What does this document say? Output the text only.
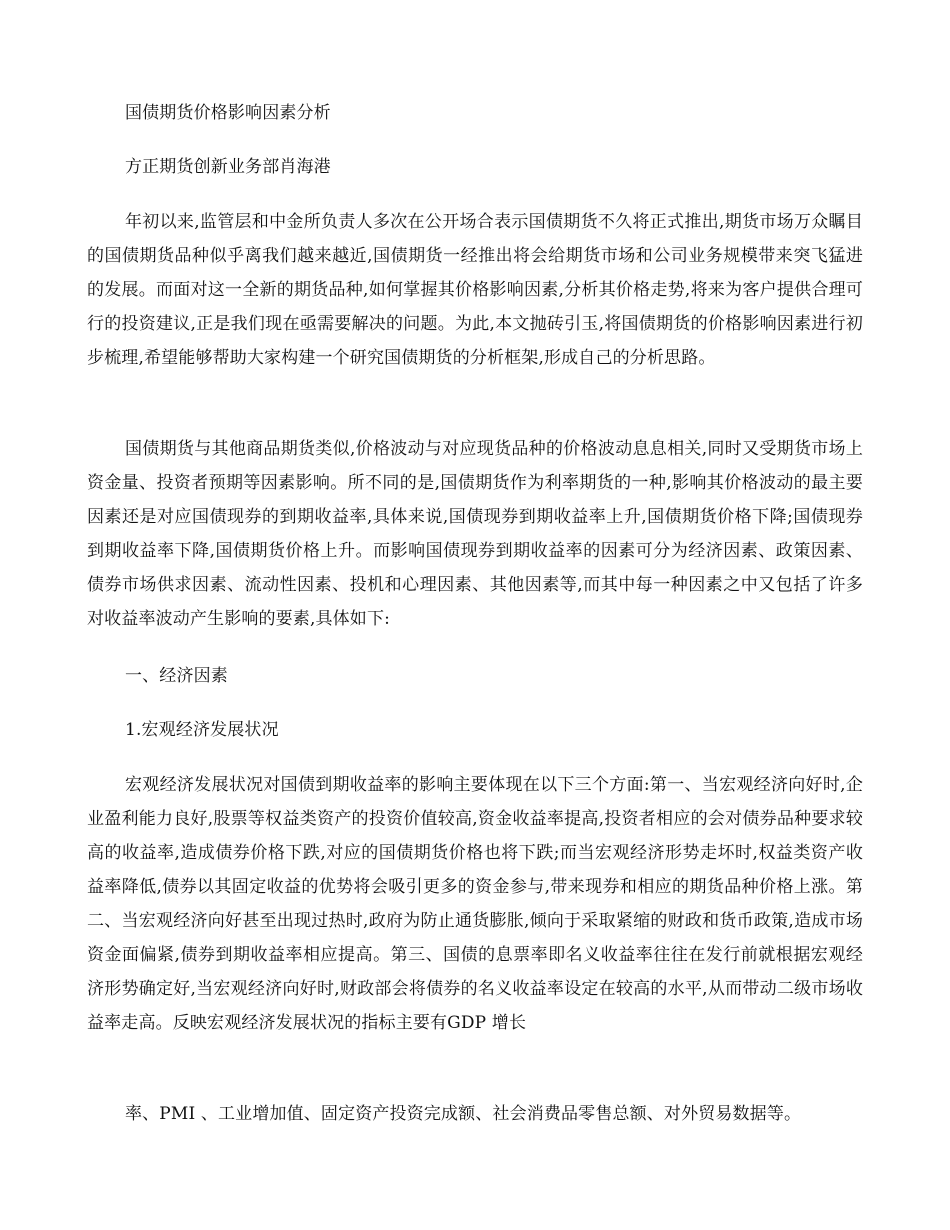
国债期货价格影响因素分析
方正期货创新业务部肖海港
年初以来,监管层和中金所负责人多次在公开场合表示国债期货不久将正式推出,期货市场万众瞩目的国债期货品种似乎离我们越来越近,国债期货一经推出将会给期货市场和公司业务规模带来突飞猛进的发展。而面对这一全新的期货品种,如何掌握其价格影响因素,分析其价格走势,将来为客户提供合理可行的投资建议,正是我们现在亟需要解决的问题。为此,本文抛砖引玉,将国债期货的价格影响因素进行初步梳理,希望能够帮助大家构建一个研究国债期货的分析框架,形成自己的分析思路。
国债期货与其他商品期货类似,价格波动与对应现货品种的价格波动息息相关,同时又受期货市场上资金量、投资者预期等因素影响。所不同的是,国债期货作为利率期货的一种,影响其价格波动的最主要因素还是对应国债现券的到期收益率,具体来说,国债现券到期收益率上升,国债期货价格下降;国债现券到期收益率下降,国债期货价格上升。而影响国债现券到期收益率的因素可分为经济因素、政策因素、债券市场供求因素、流动性因素、投机和心理因素、其他因素等,而其中每一种因素之中又包括了许多对收益率波动产生影响的要素,具体如下:
一、经济因素
1.宏观经济发展状况
宏观经济发展状况对国债到期收益率的影响主要体现在以下三个方面:第一、当宏观经济向好时,企业盈利能力良好,股票等权益类资产的投资价值较高,资金收益率提高,投资者相应的会对债券品种要求较高的收益率,造成债券价格下跌,对应的国债期货价格也将下跌;而当宏观经济形势走坏时,权益类资产收益率降低,债券以其固定收益的优势将会吸引更多的资金参与,带来现券和相应的期货品种价格上涨。第二、当宏观经济向好甚至出现过热时,政府为防止通货膨胀,倾向于采取紧缩的财政和货币政策,造成市场资金面偏紧,债券到期收益率相应提高。第三、国债的息票率即名义收益率往往在发行前就根据宏观经济形势确定好,当宏观经济向好时,财政部会将债券的名义收益率设定在较高的水平,从而带动二级市场收益率走高。反映宏观经济发展状况的指标主要有GDP 增长
率、PMI 、工业增加值、固定资产投资完成额、社会消费品零售总额、对外贸易数据等。
